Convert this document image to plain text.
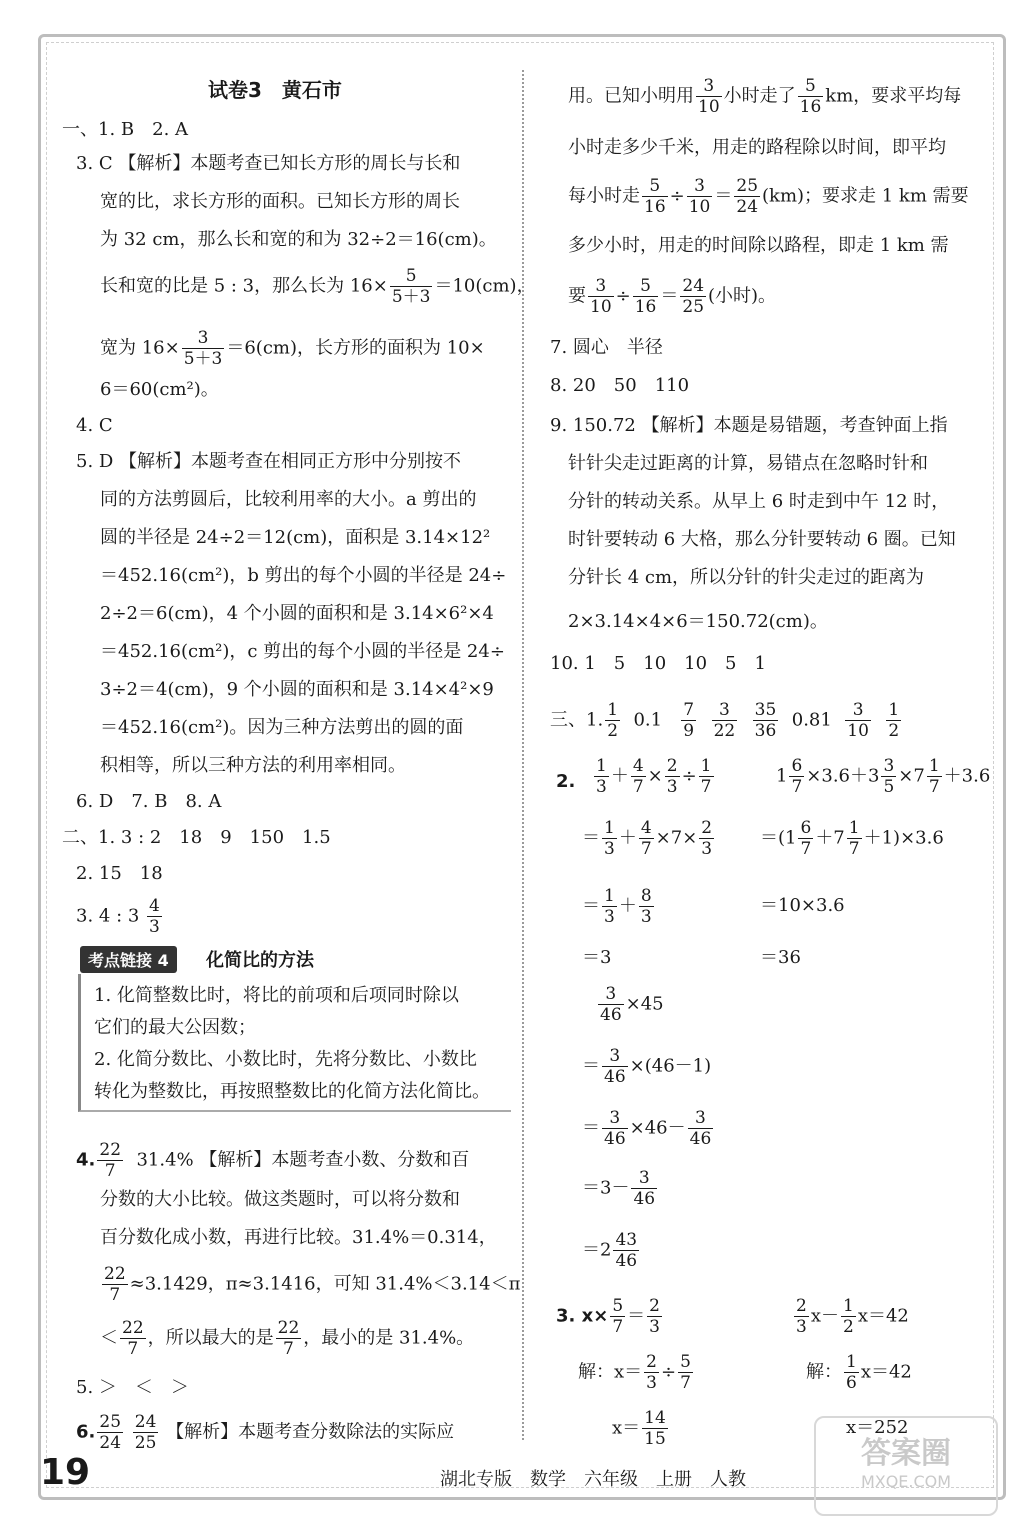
试卷3　黄石市
一、1. B　2. A
3. C 【解析】本题考查已知长方形的周长与长和
宽的比，求长方形的面积。已知长方形的周长
为 32 cm，那么长和宽的和为 32÷2＝16(cm)。
长和宽的比是 5 : 3，那么长为 $16\times \frac{5}{5+3} =10(cm)$，
宽为 $16\times \frac{3}{5+3} =6(cm)$，长方形的面积为 10×
6＝60(cm²)。
4. C
5. D 【解析】本题考查在相同正方形中分别按不
同的方法剪圆后，比较利用率的大小。a 剪出的
圆的半径是 24÷2＝12(cm)，面积是 3.14×12²
＝452.16(cm²)，b 剪出的每个小圆的半径是 24÷
2÷2＝6(cm)，4 个小圆的面积和是 3.14×6²×4
＝452.16(cm²)，c 剪出的每个小圆的半径是 24÷
3÷2＝4(cm)，9 个小圆的面积和是 3.14×4²×9
＝452.16(cm²)。因为三种方法剪出的圆的面
积相等，所以三种方法的利用率相同。
6. D　7. B　8. A
二、1. 3 : 2　18　9　150　1.5
2. 15　18
3. 4 : $3 \frac{4}{3}$
考点链接 4	化简比的方法
1. 化简整数比时，将比的前项和后项同时除以
它们的最大公因数；
2. 化简分数比、小数比时，先将分数比、小数比
转化为整数比，再按照整数比的化简方法化简比。
4. $\frac{22}{7} 31.4\%$ 【解析】本题考查小数、分数和百
分数的大小比较。做这类题时，可以将分数和
百分数化成小数，再进行比较。31.4%＝0.314，
$\frac{22}{7} \approx 3.1429$，π≈3.1416，可知 31.4%＜3.14＜π
＜ $\frac{22}{7}$ ，所以最大的是 $\frac{22}{7}$ ，最小的是 31.4%。
5. ＞　＜　＞
6. $\frac{25}{24}$
$\frac{24}{25}$ 【解析】本题考查分数除法的实际应
用。已知小明用 $\frac{3}{10}$ 小时走了 $\frac{5}{16}$ km，要求平均每
小时走多少千米，用走的路程除以时间，即平均
每小时走 $\frac{5}{16} \div \frac{3}{10} = \frac{25}{24} (km)$；要求走 1 km 需要
多少小时，用走的时间除以路程，即走 1 km 需
要 $\frac{3}{10} \div \frac{5}{16} = \frac{24}{25}$ (小时)。
7. 圆心　半径
8. 20　50　110
9. 150.72 【解析】本题是易错题，考查钟面上指
针针尖走过距离的计算，易错点在忽略时针和
分针的转动关系。从早上 6 时走到中午 12 时，
时针要转动 6 大格，那么分针要转动 6 圈。已知
分针长 4 cm，所以分针的针尖走过的距离为
2×3.14×4×6＝150.72(cm)。
10. 1　5　10　10　5　1
三、1. $\frac{1}{2} 0.1 \frac{7}{9}$
$\frac{3}{22}$
$\frac{35}{36} 0.81 \frac{3}{10}$
$\frac{1}{2}$
2. $\frac{1}{3} + \frac{4}{7} \times \frac{2}{3} \div \frac{1}{7}$
＝ $\frac{1}{3} + \frac{4}{7} \times 7\times \frac{2}{3}$
＝ $\frac{1}{3} + \frac{8}{3}$
＝3
$1 \frac{6}{7} \times 3.6+3 \frac{3}{5} \times 7 \frac{1}{7} +3.6$
$=(1 \frac{6}{7} +7 \frac{1}{7} +1)\times 3.6$
＝10×3.6
＝36
$\frac{3}{46} \times 45$
＝ $\frac{3}{46} \times(46-1)$
＝ $\frac{3}{46} \times 46- \frac{3}{46}$
$=3- \frac{3}{46}$
$=2 \frac{43}{46}$
3. $x\times \frac{5}{7} = \frac{2}{3}$
解：$x= \frac{2}{3} \div \frac{5}{7}$
$x= \frac{14}{15}$
$\frac{2}{3} x- \frac{1}{2} x=42$
解： $\frac{1}{6} x=42$
x＝252
19	湖北专版　数学　六年级　上册　人教
答案圈
MXQE.COM
